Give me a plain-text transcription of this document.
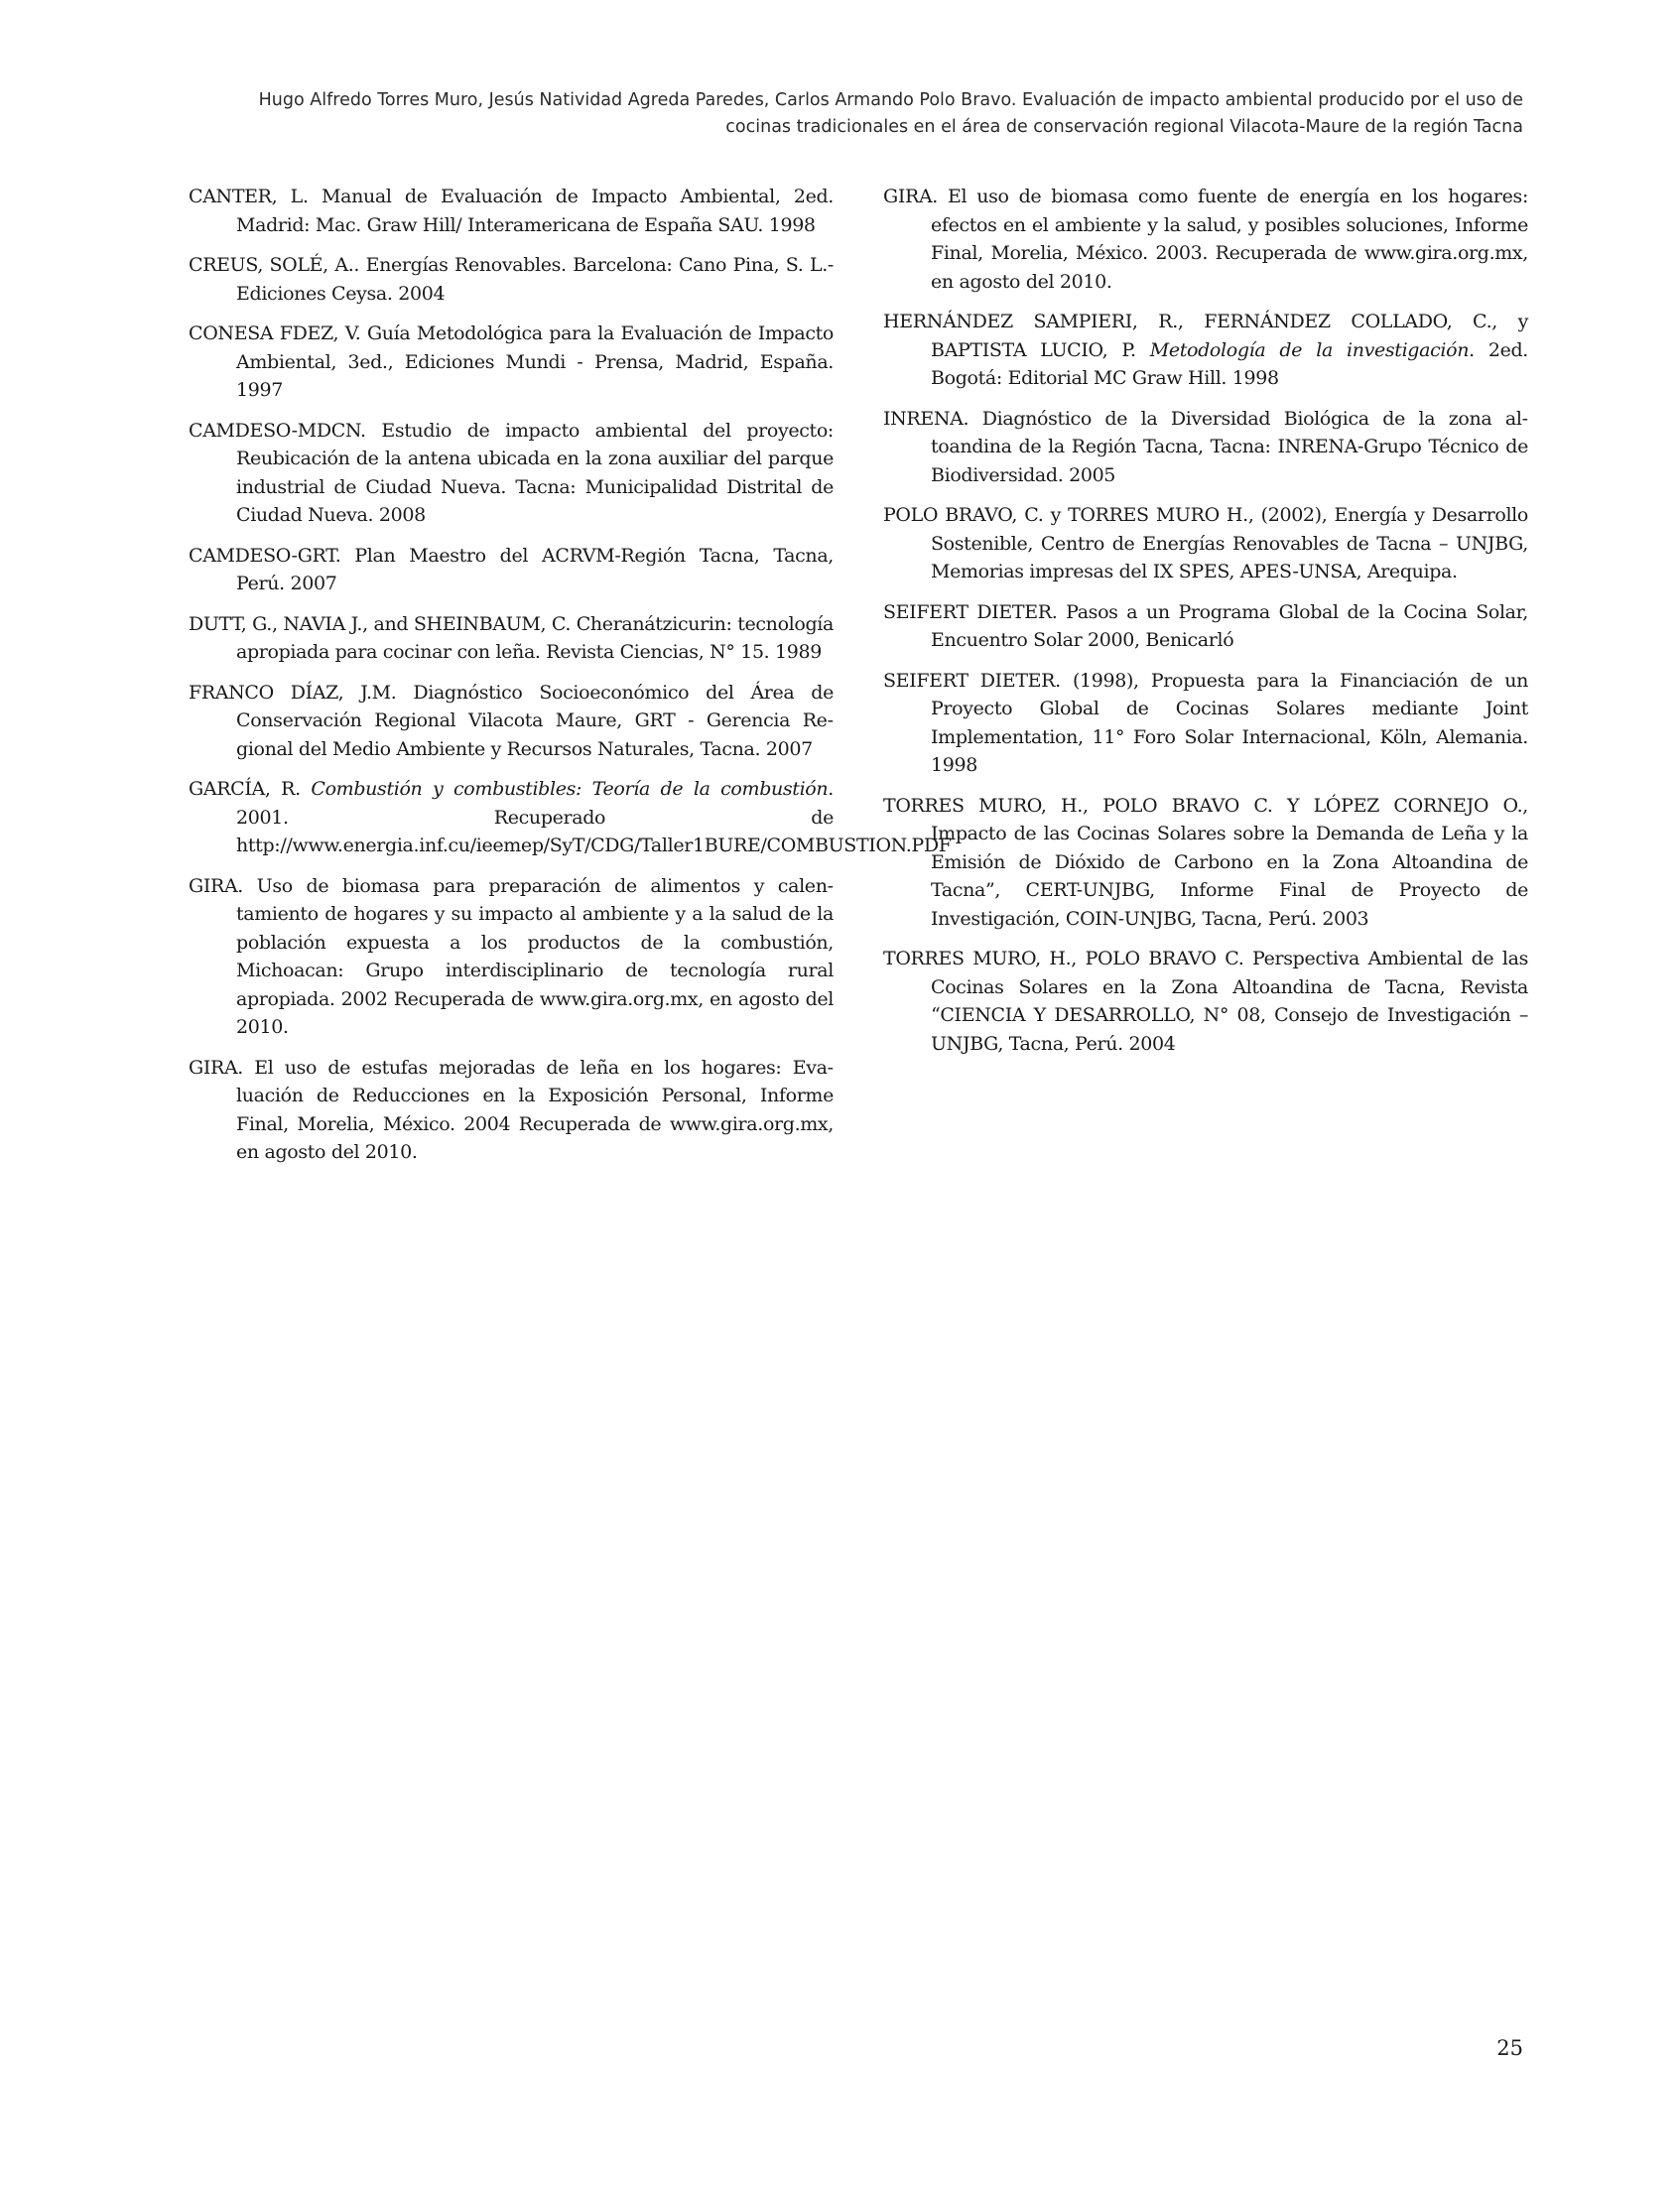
Hugo Alfredo Torres Muro, Jesús Natividad Agreda Paredes, Carlos Armando Polo Bravo. Evaluación de impacto ambiental producido por el uso de
cocinas tradicionales en el área de conservación regional Vilacota-Maure de la región Tacna

CANTER, L. Manual de Evaluación de Impacto Ambiental, 2ed. Madrid: Mac. Graw Hill/ Interamericana de España SAU. 1998

CREUS, SOLÉ, A.. Energías Renovables. Barcelona: Cano Pina, S. L.-Ediciones Ceysa. 2004

CONESA FDEZ, V. Guía Metodológica para la Evaluación de Impacto Ambiental, 3ed., Ediciones Mundi - Prensa, Madrid, España. 1997

CAMDESO-MDCN. Estudio de impacto ambiental del proyecto: Reubicación de la antena ubicada en la zona auxiliar del parque industrial de Ciudad Nueva. Tacna: Municipalidad Distrital de Ciudad Nueva. 2008

CAMDESO-GRT. Plan Maestro del ACRVM-Región Tacna, Tacna, Perú. 2007

DUTT, G., NAVIA J., and SHEINBAUM, C. Cheranátzicurin: tecnología apropiada para cocinar con leña. Revista Ciencias, N° 15. 1989

FRANCO DÍAZ, J.M. Diagnóstico Socioeconómico del Área de Conservación Regional Vilacota Maure, GRT - Gerencia Regional del Medio Ambiente y Recursos Naturales, Tacna. 2007

GARCÍA, R. Combustión y combustibles: Teoría de la combustión. 2001. Recuperado de http://www.energia.inf.cu/ieemep/SyT/CDG/Taller1BURE/COMBUSTION.PDF

GIRA. Uso de biomasa para preparación de alimentos y calentamiento de hogares y su impacto al ambiente y a la salud de la población expuesta a los productos de la combustión, Michoacan: Grupo interdisciplinario de tecnología rural apropiada. 2002 Recuperada de www.gira.org.mx, en agosto del 2010.

GIRA. El uso de estufas mejoradas de leña en los hogares: Evaluación de Reducciones en la Exposición Personal, Informe Final, Morelia, México. 2004 Recuperada de www.gira.org.mx, en agosto del 2010.

GIRA. El uso de biomasa como fuente de energía en los hogares: efectos en el ambiente y la salud, y posibles soluciones, Informe Final, Morelia, México. 2003. Recuperada de www.gira.org.mx, en agosto del 2010.

HERNÁNDEZ SAMPIERI, R., FERNÁNDEZ COLLADO, C., y BAPTISTA LUCIO, P. Metodología de la investigación. 2ed. Bogotá: Editorial MC Graw Hill. 1998

INRENA. Diagnóstico de la Diversidad Biológica de la zona altoandina de la Región Tacna, Tacna: INRENA-Grupo Técnico de Biodiversidad. 2005

POLO BRAVO, C. y TORRES MURO H., (2002), Energía y Desarrollo Sostenible, Centro de Energías Renovables de Tacna – UNJBG, Memorias impresas del IX SPES, APES-UNSA, Arequipa.

SEIFERT DIETER. Pasos a un Programa Global de la Cocina Solar, Encuentro Solar 2000, Benicarló

SEIFERT DIETER. (1998), Propuesta para la Financiación de un Proyecto Global de Cocinas Solares mediante Joint Implementation, 11° Foro Solar Internacional, Köln, Alemania. 1998

TORRES MURO, H., POLO BRAVO C. Y LÓPEZ CORNEJO O., Impacto de las Cocinas Solares sobre la Demanda de Leña y la Emisión de Dióxido de Carbono en la Zona Altoandina de Tacna”, CERT-UNJBG, Informe Final de Proyecto de Investigación, COIN-UNJBG, Tacna, Perú. 2003

TORRES MURO, H., POLO BRAVO C. Perspectiva Ambiental de las Cocinas Solares en la Zona Altoandina de Tacna, Revista “CIENCIA Y DESARROLLO, N° 08, Consejo de Investigación – UNJBG, Tacna, Perú. 2004

25
